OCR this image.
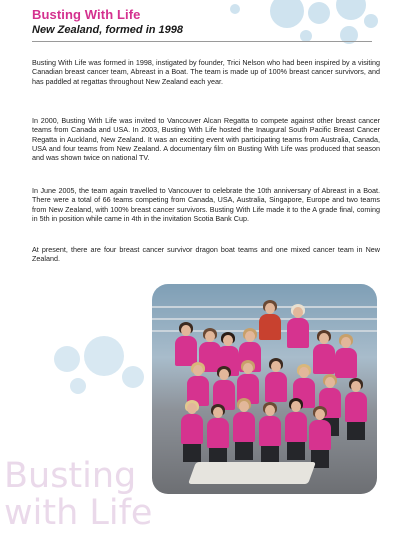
Busting With Life
New Zealand, formed in 1998

Busting With Life was formed in 1998, instigated by founder, Trici Nelson who had been inspired by a visiting Canadian breast cancer team, Abreast in a Boat. The team is made up of 100% breast cancer survivors, and has paddled at regattas throughout New Zealand each year.

In 2000, Busting With Life was invited to Vancouver Alcan Regatta to compete against other breast cancer teams from Canada and USA. In 2003, Busting With Life hosted the Inaugural South Pacific Breast Cancer Regatta in Auckland, New Zealand. It was an exciting event with participating teams from Australia, Canada, USA and four teams from New Zealand. A documentary film on Busting With Life was produced that season and was shown twice on national TV.

In June 2005, the team again travelled to Vancouver to celebrate the 10th anniversary of Abreast in a Boat. There were a total of 66 teams competing from Canada, USA, Australia, Singapore, Europe and two teams from New Zealand, with 100% breast cancer survivors. Busting With Life made it to the A grade final, coming in 5th in position while came in 4th in the invitation Scotia Bank Cup.

At present, there are four breast cancer survivor dragon boat teams and one mixed cancer team in New Zealand.

Busting
with Life
